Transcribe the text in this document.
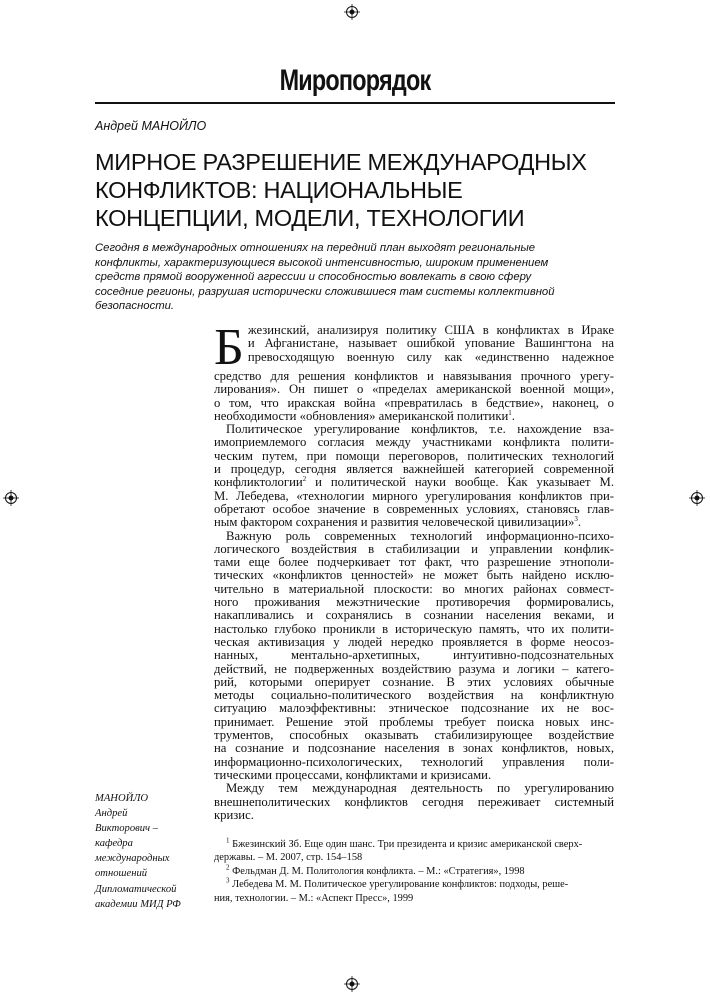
Миропорядок
Андрей МАНОЙЛО
МИРНОЕ РАЗРЕШЕНИЕ МЕЖДУНАРОДНЫХ
КОНФЛИКТОВ: НАЦИОНАЛЬНЫЕ
КОНЦЕПЦИИ, МОДЕЛИ, ТЕХНОЛОГИИ
Сегодня в международных отношениях на передний план выходят региональные
конфликты, характеризующиеся высокой интенсивностью, широким применением
средств прямой вооруженной агрессии и способностью вовлекать в свою сферу
соседние регионы, разрушая исторически сложившиеся там системы коллективной
безопасности.
Б жезинский, анализируя политику США в конфликтах в Ираке
и Афганистане, называет ошибкой упование Вашингтона на
превосходящую военную силу как «единственно надежное
средство для решения конфликтов и навязывания прочного урегу-
лирования». Он пишет о «пределах американской военной мощи»,
о том, что иракская война «превратилась в бедствие», наконец, о
необходимости «обновления» американской политики$^1$.
Политическое урегулирование конфликтов, т.е. нахождение вза-
имоприемлемого согласия между участниками конфликта полити-
ческим путем, при помощи переговоров, политических технологий
и процедур, сегодня является важнейшей категорией современной
конфликтологии$^2$ и политической науки вообще. Как указывает М.
М. Лебедева, «технологии мирного урегулирования конфликтов при-
обретают особое значение в современных условиях, становясь глав-
ным фактором сохранения и развития человеческой цивилизации»$^3$.
Важную роль современных технологий информационно-психо-
логического воздействия в стабилизации и управлении конфлик-
тами еще более подчеркивает тот факт, что разрешение этнополи-
тических «конфликтов ценностей» не может быть найдено исклю-
чительно в материальной плоскости: во многих районах совмест-
ного проживания межэтнические противоречия формировались,
накапливались и сохранялись в сознании населения веками, и
настолько глубоко проникли в историческую память, что их полити-
ческая активизация у людей нередко проявляется в форме неосоз-
нанных, ментально-архетипных, интуитивно-подсознательных
действий, не подверженных воздействию разума и логики – катего-
рий, которыми оперирует сознание. В этих условиях обычные
методы социально-политического воздействия на конфликтную
ситуацию малоэффективны: этническое подсознание их не вос-
принимает. Решение этой проблемы требует поиска новых инс-
трументов, способных оказывать стабилизирующее воздействие
на сознание и подсознание населения в зонах конфликтов, новых,
информационно-психологических, технологий управления поли-
тическими процессами, конфликтами и кризисами.
Между тем международная деятельность по урегулированию
внешнеполитических конфликтов сегодня переживает системный
кризис.
$^1$ Бжезинский Зб. Еще один шанс. Три президента и кризис американской сверх-
державы. – М. 2007, стр. 154–158
$^2$ Фельдман Д. М. Политология конфликта. – М.: «Стратегия», 1998
$^3$ Лебедева М. М. Политическое урегулирование конфликтов: подходы, реше-
ния, технологии. – М.: «Аспект Пресс», 1999
МАНОЙЛО
Андрей
Викторович –
кафедра
международных
отношений
Дипломатической
академии МИД РФ
